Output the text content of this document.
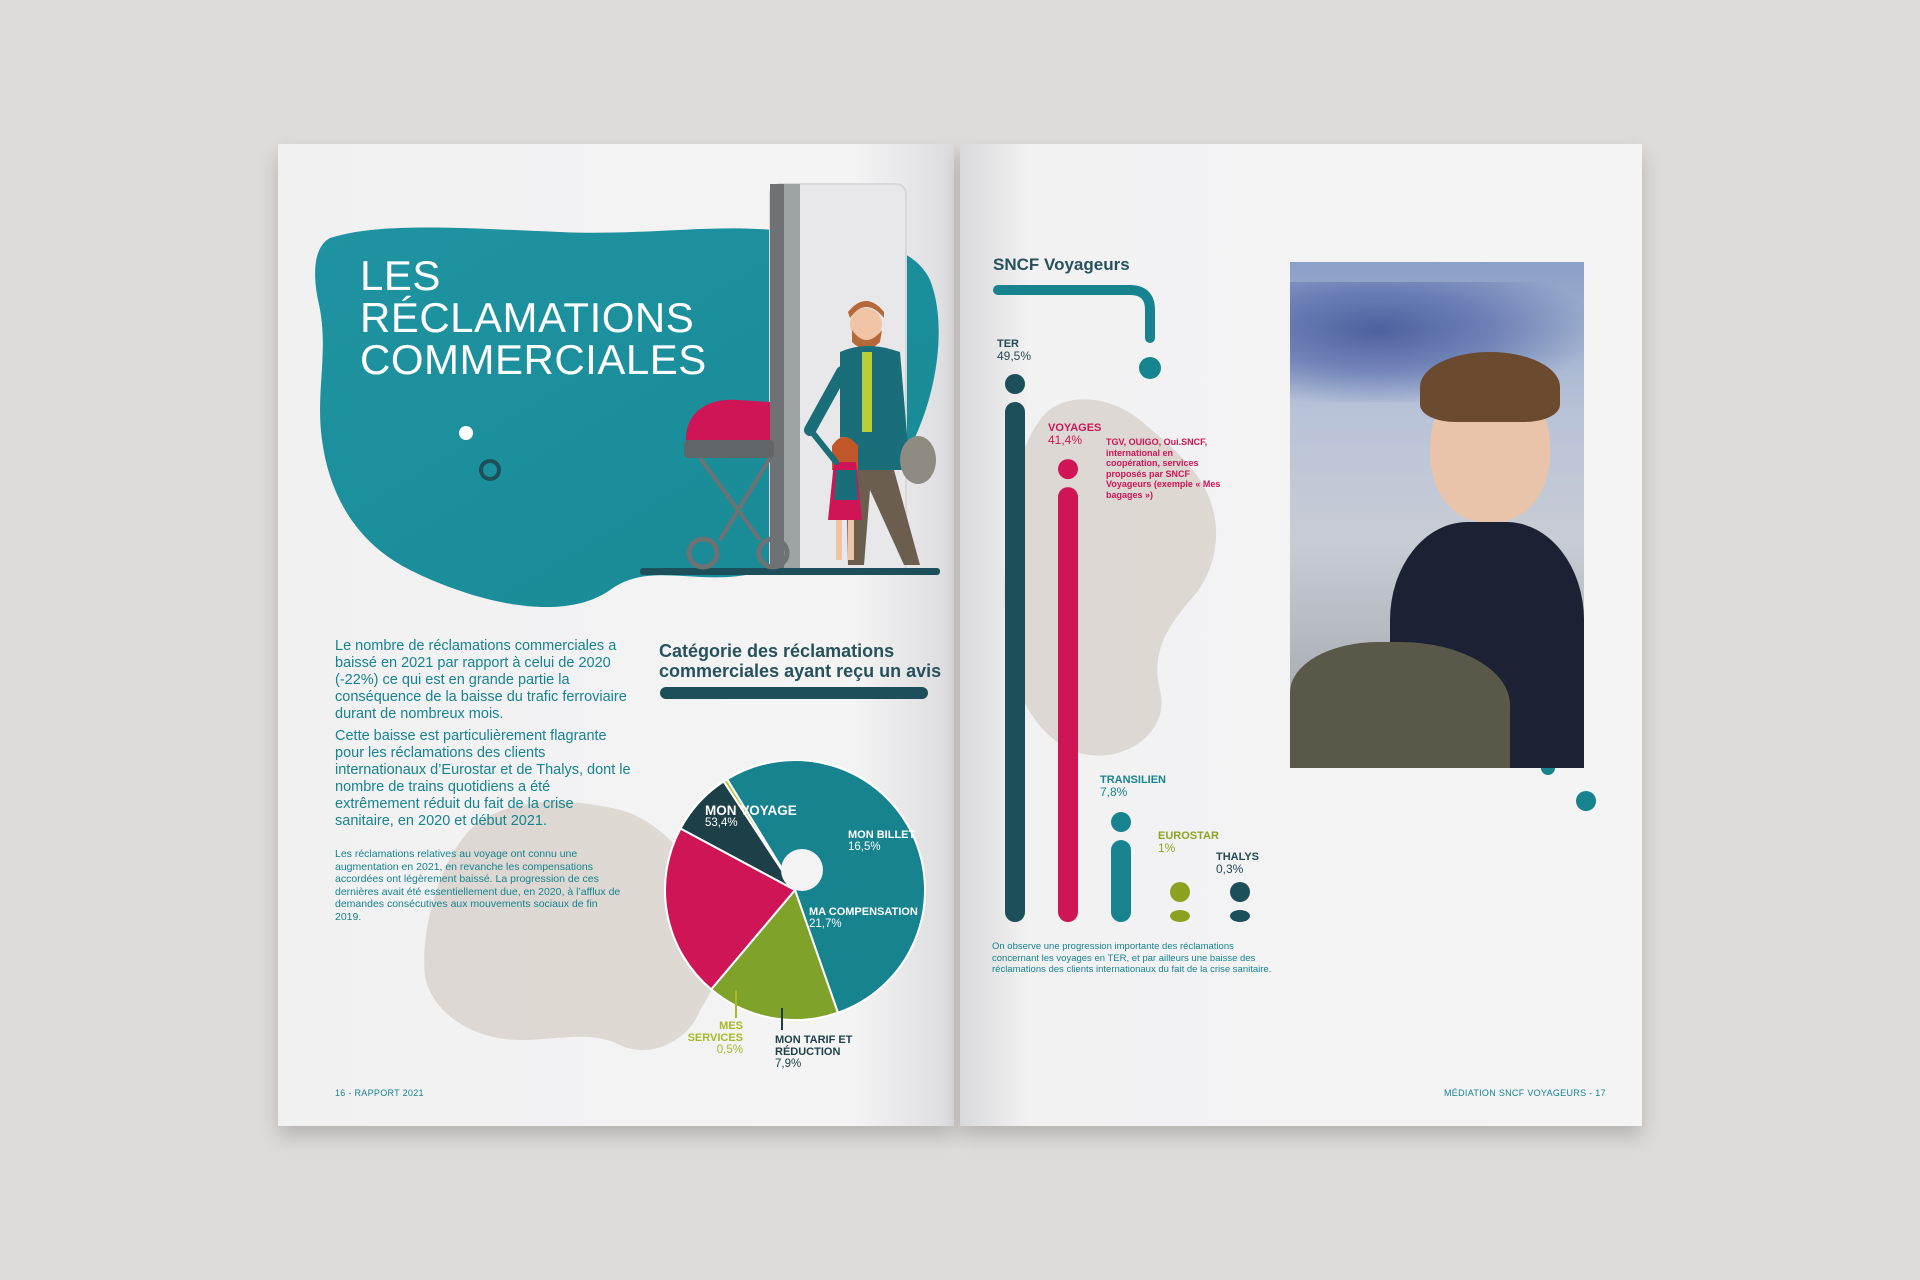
LES RÉCLAMATIONS
COMMERCIALES
Le nombre de réclamations commerciales a baissé en 2021 par rapport à celui de 2020 (-22%) ce qui est en grande partie la conséquence de la baisse du trafic ferroviaire durant de nombreux mois.
Cette baisse est particulièrement flagrante pour les réclamations des clients internationaux d’Eurostar et de Thalys, dont le nombre de trains quotidiens a été extrêmement réduit du fait de la crise sanitaire, en 2020 et début 2021.
Les réclamations relatives au voyage ont connu une augmentation en 2021, en revanche les compensations accordées ont légèrement baissé. La progression de ces dernières avait été essentiellement due, en 2020, à l’afflux de demandes consécutives aux mouvements sociaux de fin 2019.
Catégorie des réclamations
commerciales ayant reçu un avis
MON VOYAGE
53,4%
MON BILLET
16,5%
MA COMPENSATION
21,7%
MON TARIF ET RÉDUCTION
7,9%
MES SERVICES
0,5%
16 - RAPPORT 2021
SNCF Voyageurs
TER
49,5%
VOYAGES
41,4%	TGV, OUIGO, Oui.SNCF, international en coopération, services proposés par SNCF Voyageurs (exemple « Mes bagages »)
TRANSILIEN
7,8%
EUROSTAR
1%
THALYS
0,3%
On observe une progression importante des réclamations concernant les voyages en TER, et par ailleurs une baisse des réclamations des clients internationaux du fait de la crise sanitaire.
MÉDIATION SNCF VOYAGEURS - 17
